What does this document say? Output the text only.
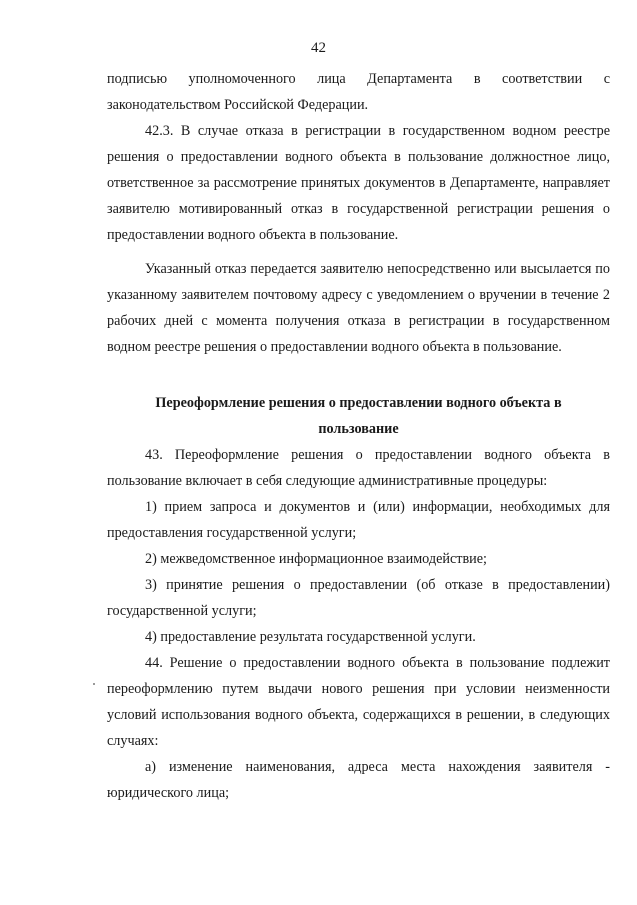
42

подписью уполномоченного лица Департамента в соответствии с законодательством Российской Федерации.

42.3. В случае отказа в регистрации в государственном водном реестре решения о предоставлении водного объекта в пользование должностное лицо, ответственное за рассмотрение принятых документов в Департаменте, направляет заявителю мотивированный отказ в государственной регистрации решения о предоставлении водного объекта в пользование.

Указанный отказ передается заявителю непосредственно или высылается по указанному заявителем почтовому адресу с уведомлением о вручении в течение 2 рабочих дней с момента получения отказа в регистрации в государственном водном реестре решения о предоставлении водного объекта в пользование.

Переоформление решения о предоставлении водного объекта в пользование

43. Переоформление решения о предоставлении водного объекта в пользование включает в себя следующие административные процедуры:

1) прием запроса и документов и (или) информации, необходимых для предоставления государственной услуги;

2) межведомственное информационное взаимодействие;

3) принятие решения о предоставлении (об отказе в предоставлении) государственной услуги;

4) предоставление результата государственной услуги.

44. Решение о предоставлении водного объекта в пользование подлежит переоформлению путем выдачи нового решения при условии неизменности условий использования водного объекта, содержащихся в решении, в следующих случаях:

а) изменение наименования, адреса места нахождения заявителя - юридического лица;
